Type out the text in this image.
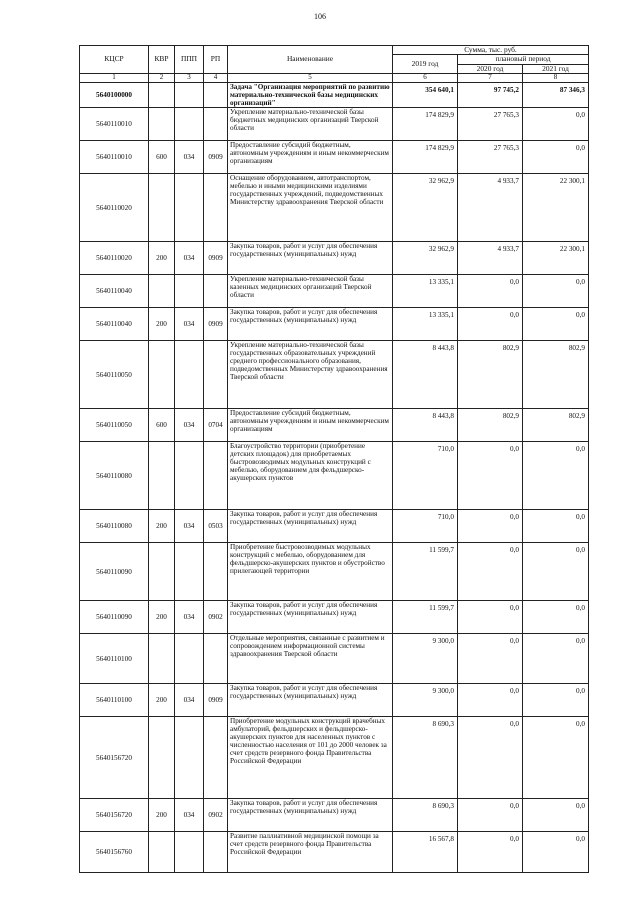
106
КЦСР	КВР	ППП	РП	Наименование	Сумма, тыс. руб.		
					2019 год	плановый период	
						2020 год	2021 год
1	2	3	4	5	6	7	8
5640100000				Задача "Организация мероприятий по развитию материально-технической базы медицинских организаций"	354 640,1	97 745,2	87 346,3
5640110010				Укрепление материально-технической базы бюджетных медицинских организаций Тверской области	174 829,9	27 765,3	0,0
5640110010	600	034	0909	Предоставление субсидий бюджетным, автономным учреждениям и иным некоммерческим организациям	174 829,9	27 765,3	0,0
5640110020				Оснащение оборудованием, автотранспортом, мебелью и иными медицинскими изделиями государственных учреждений, подведомственных Министерству здравоохранения Тверской области	32 962,9	4 933,7	22 300,1
5640110020	200	034	0909	Закупка товаров, работ и услуг для обеспечения государственных (муниципальных) нужд	32 962,9	4 933,7	22 300,1
5640110040				Укрепление материально-технической базы казенных медицинских организаций Тверской области	13 335,1	0,0	0,0
5640110040	200	034	0909	Закупка товаров, работ и услуг для обеспечения государственных (муниципальных) нужд	13 335,1	0,0	0,0
5640110050				Укрепление материально-технической базы государственных образовательных учреждений среднего профессионального образования, подведомственных Министерству здравоохранения Тверской области	8 443,8	802,9	802,9
5640110050	600	034	0704	Предоставление субсидий бюджетным, автономным учреждениям и иным некоммерческим организациям	8 443,8	802,9	802,9
5640110080				Благоустройство территории (приобретение детских площадок) для приобретаемых быстровозводимых модульных конструкций с мебелью, оборудованием для фельдшерско-акушерских пунктов	710,0	0,0	0,0
5640110080	200	034	0503	Закупка товаров, работ и услуг для обеспечения государственных (муниципальных) нужд	710,0	0,0	0,0
5640110090				Приобретение быстровозводимых модульных конструкций с мебелью, оборудованием для фельдшерско-акушерских пунктов и обустройство прилегающей территории	11 599,7	0,0	0,0
5640110090	200	034	0902	Закупка товаров, работ и услуг для обеспечения государственных (муниципальных) нужд	11 599,7	0,0	0,0
5640110100				Отдельные мероприятия, связанные с развитием и сопровождением информационной системы здравоохранения Тверской области	9 300,0	0,0	0,0
5640110100	200	034	0909	Закупка товаров, работ и услуг для обеспечения государственных (муниципальных) нужд	9 300,0	0,0	0,0
5640156720				Приобретение модульных конструкций врачебных амбулаторий, фельдшерских и фельдшерско-акушерских пунктов для населенных пунктов с численностью населения от 101 до 2000 человек за счет средств резервного фонда Правительства Российской Федерации	8 690,3	0,0	0,0
5640156720	200	034	0902	Закупка товаров, работ и услуг для обеспечения государственных (муниципальных) нужд	8 690,3	0,0	0,0
5640156760				Развитие паллиативной медицинской помощи за счет средств резервного фонда Правительства Российской Федерации	16 567,8	0,0	0,0
